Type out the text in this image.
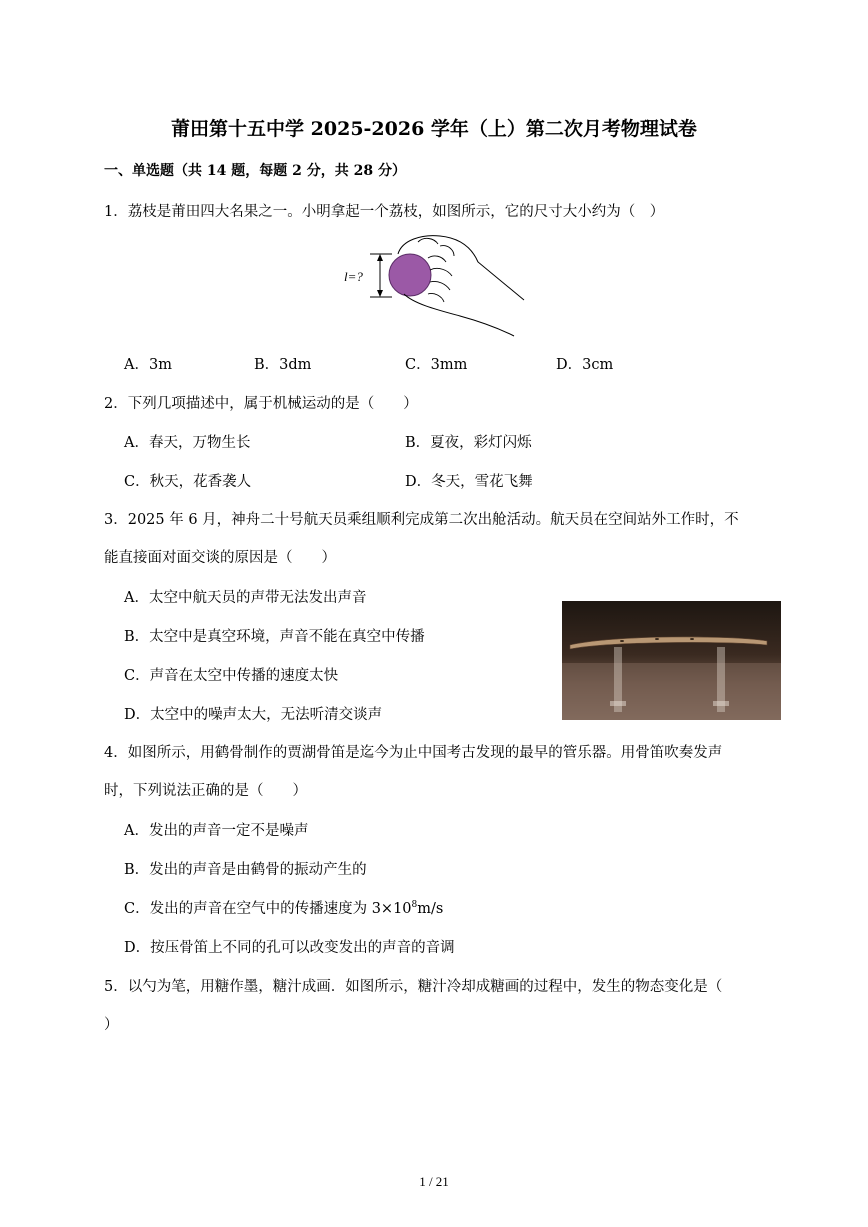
莆田第十五中学 2025-2026 学年（上）第二次月考物理试卷
一、单选题（共 14 题，每题 2 分，共 28 分）
1．荔枝是莆田四大名果之一。小明拿起一个荔枝，如图所示，它的尺寸大小约为（　）
l=?
A．3m	B．3dm	C．3mm	D．3cm
2．下列几项描述中，属于机械运动的是（　　）
A．春天，万物生长	B．夏夜，彩灯闪烁
C．秋天，花香袭人	D．冬天，雪花飞舞
3．2025 年 6 月，神舟二十号航天员乘组顺利完成第二次出舱活动。航天员在空间站外工作时，不
能直接面对面交谈的原因是（　　）
A．太空中航天员的声带无法发出声音
B．太空中是真空环境，声音不能在真空中传播
C．声音在太空中传播的速度太快
D．太空中的噪声太大，无法听清交谈声
4．如图所示，用鹤骨制作的贾湖骨笛是迄今为止中国考古发现的最早的管乐器。用骨笛吹奏发声
时，下列说法正确的是（　　）
A．发出的声音一定不是噪声
B．发出的声音是由鹤骨的振动产生的
C．发出的声音在空气中的传播速度为 $3\times 10^8m/s$
D．按压骨笛上不同的孔可以改变发出的声音的音调
5．以勺为笔，用糖作墨，糖汁成画．如图所示，糖汁冷却成糖画的过程中，发生的物态变化是（
）
1 / 21
